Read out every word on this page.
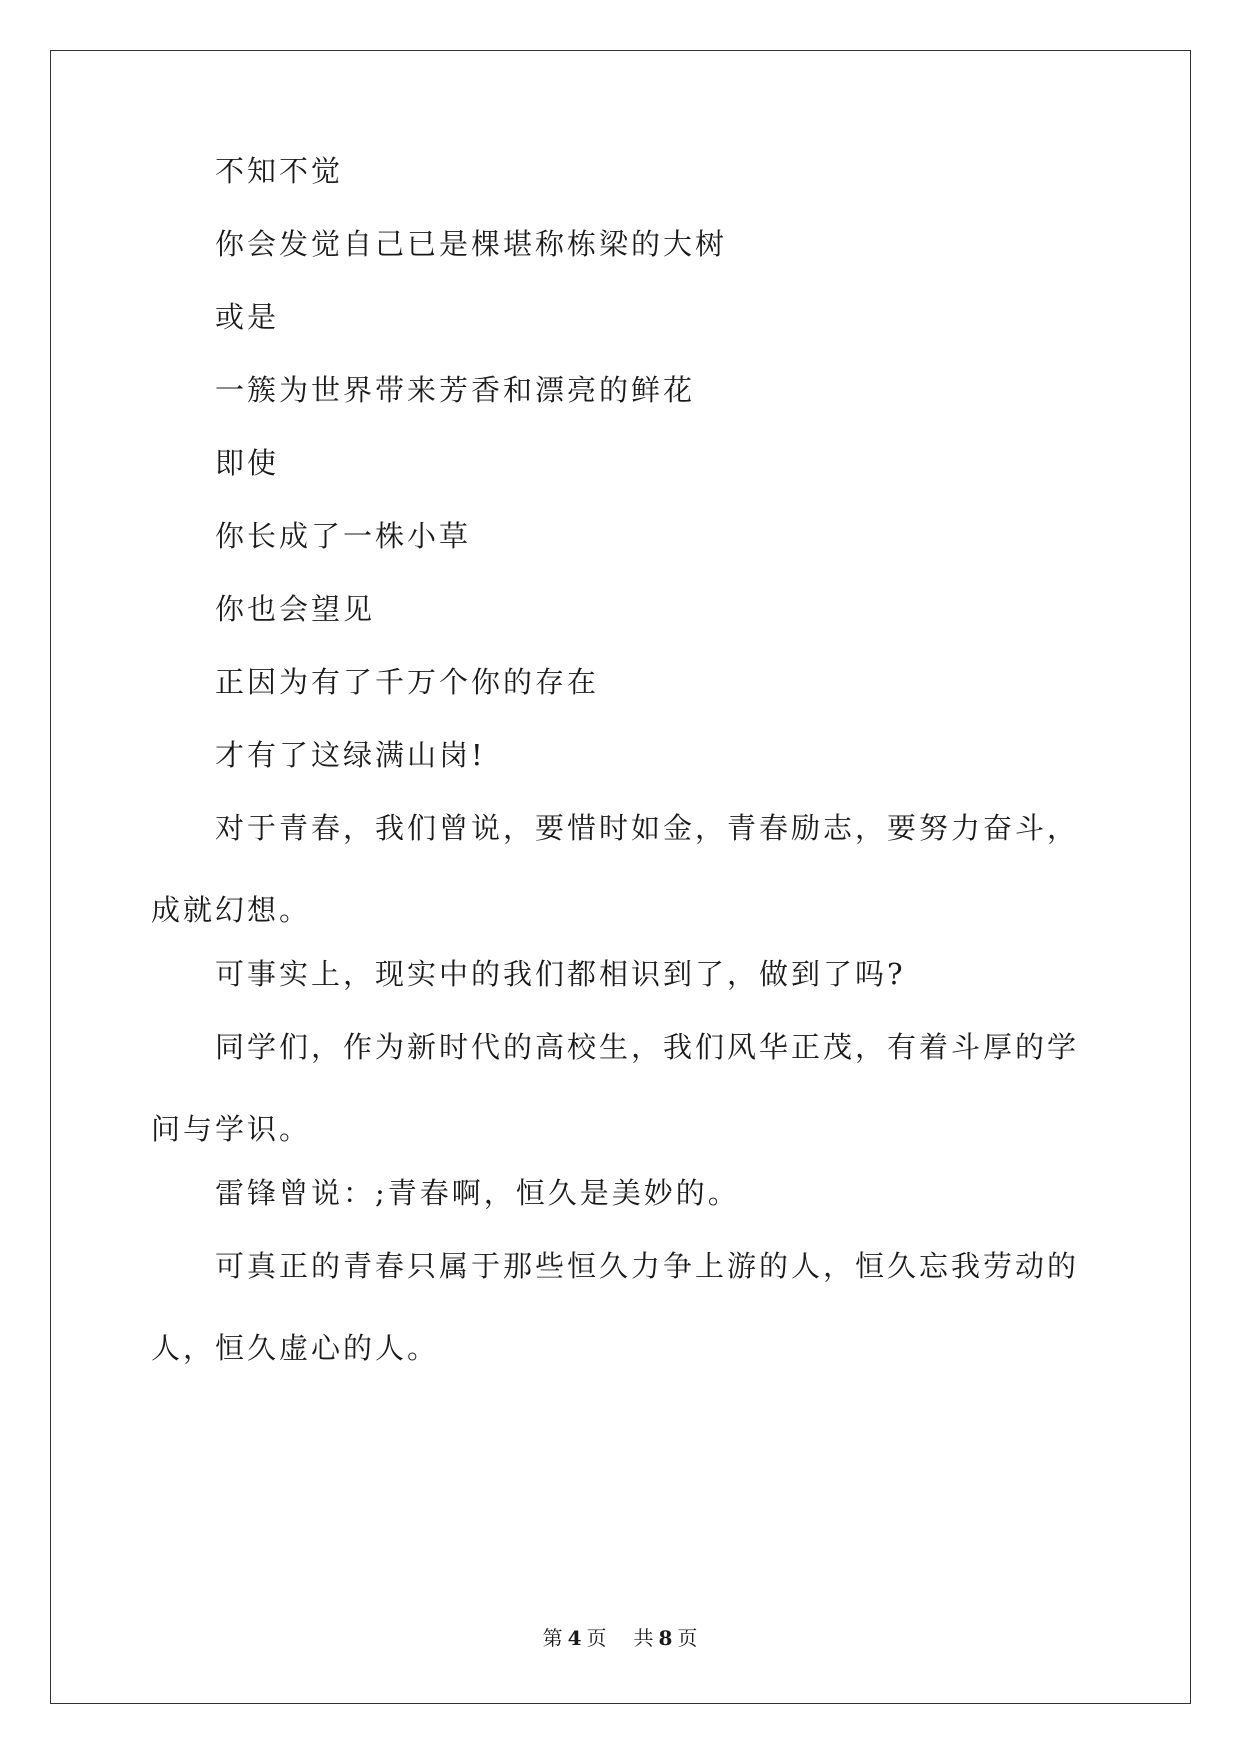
不知不觉

你会发觉自己已是棵堪称栋梁的大树

或是

一簇为世界带来芳香和漂亮的鲜花

即使

你长成了一株小草

你也会望见

正因为有了千万个你的存在

才有了这绿满山岗!

对于青春，我们曾说，要惜时如金，青春励志，要努力奋斗，成就幻想。

可事实上，现实中的我们都相识到了，做到了吗?

同学们，作为新时代的高校生，我们风华正茂，有着斗厚的学问与学识。

雷锋曾说：;青春啊，恒久是美妙的。

可真正的青春只属于那些恒久力争上游的人，恒久忘我劳动的人，恒久虚心的人。

第 4 页 共 8 页
